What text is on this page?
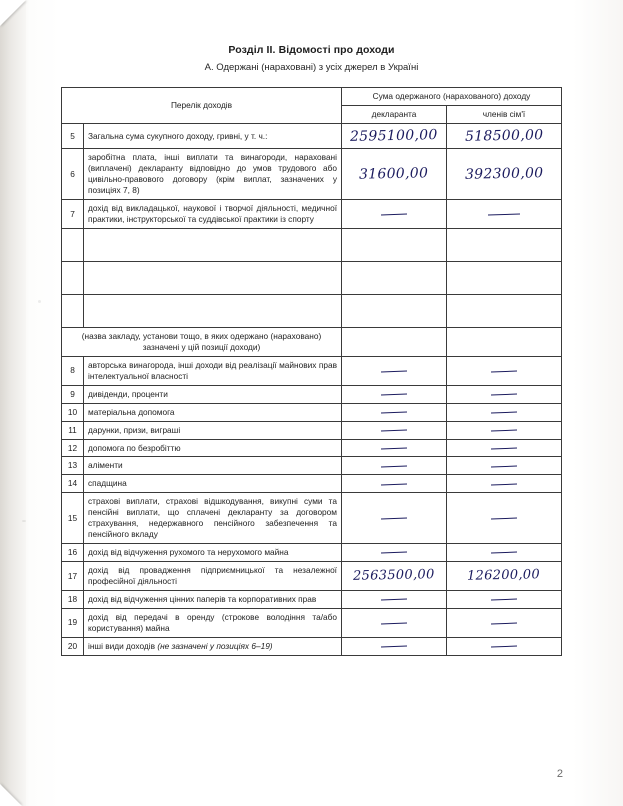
Розділ II. Відомості про доходи
А. Одержані (нараховані) з усіх джерел в Україні
Перелік доходів		Сума одержаного (нарахованого) доходу	
		декларанта	членів сім'ї
5	Загальна сума сукупного доходу, гривні, у т. ч.:	2595100,00	518500,00
6	заробітна плата, інші виплати та винагороди, нараховані (виплачені) декларанту відповідно до умов трудового або цивільно-правового договору (крім виплат, зазначених у позиціях 7, 8)	31600,00	392300,00
7	дохід від викладацької, наукової і творчої діяльності, медичної практики, інструкторської та суддівської практики із спорту		

(назва закладу, установи тощо, в яких одержано (нараховано) зазначені у цій позиції доходи)			
8	авторська винагорода, інші доходи від реалізації майнових прав інтелектуальної власності		
9	дивіденди, проценти		
10	матеріальна допомога		
11	дарунки, призи, виграші		
12	допомога по безробіттю		
13	аліменти		
14	спадщина		
15	страхові виплати, страхові відшкодування, викупні суми та пенсійні виплати, що сплачені декларанту за договором страхування, недержавного пенсійного забезпечення та пенсійного вкладу		
16	дохід від відчуження рухомого та нерухомого майна		
17	дохід від провадження підприємницької та незалежної професійної діяльності	2563500,00	126200,00
18	дохід від відчуження цінних паперів та корпоративних прав		
19	дохід від передачі в оренду (строкове володіння та/або користування) майна		
20	інші види доходів (не зазначені у позиціях 6–19)		
2
